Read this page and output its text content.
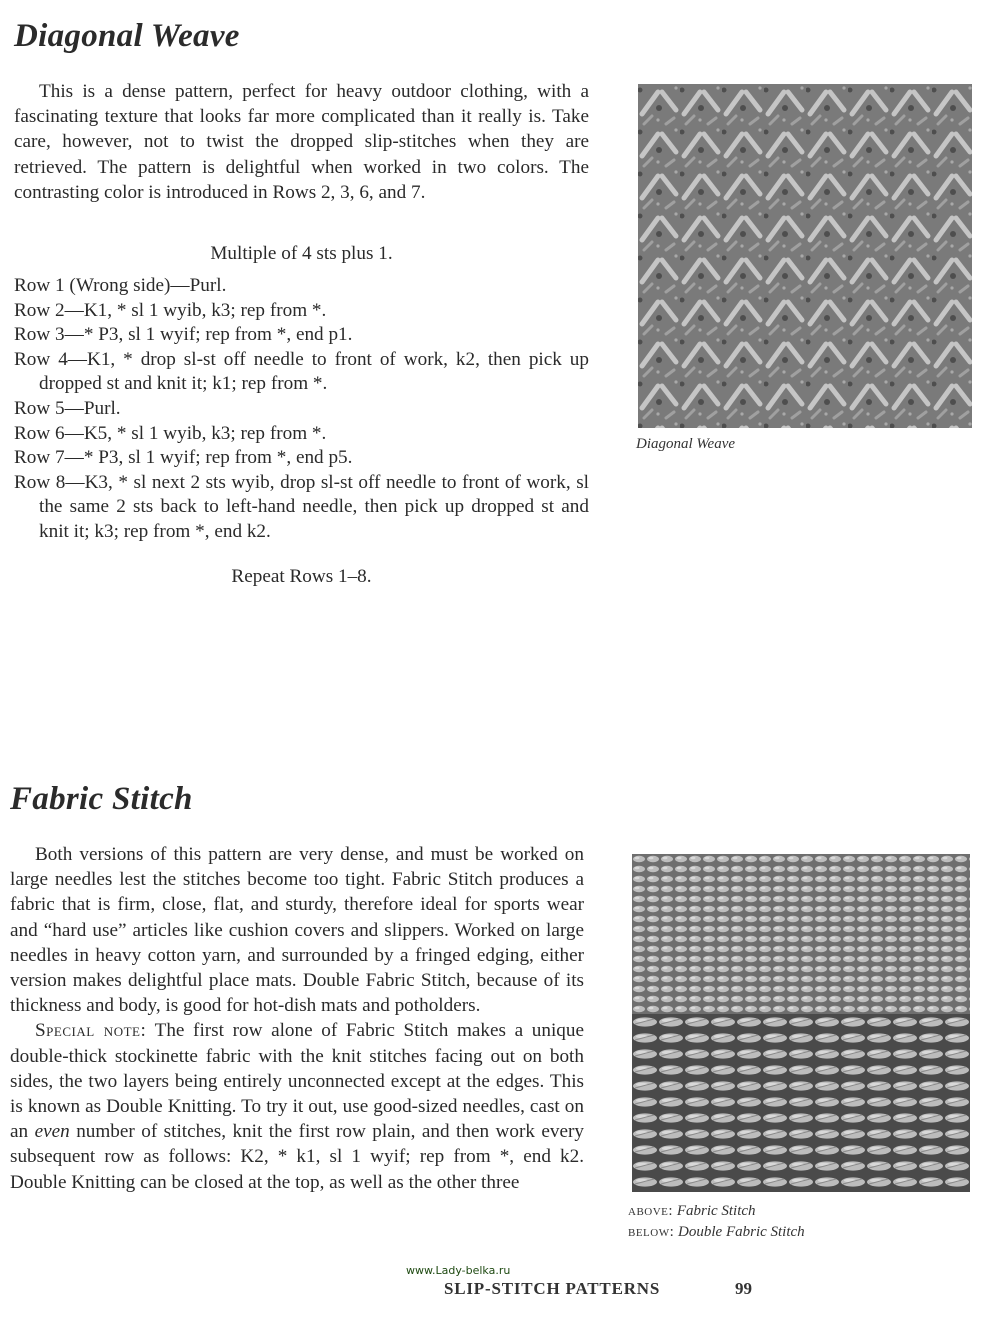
Diagonal Weave

This is a dense pattern, perfect for heavy outdoor clothing, with a fascinating texture that looks far more complicated than it really is. Take care, however, not to twist the dropped slip-stitches when they are retrieved. The pattern is delightful when worked in two colors. The contrasting color is introduced in Rows 2, 3, 6, and 7.

Multiple of 4 sts plus 1.
Row 1 (Wrong side)—Purl.
Row 2—K1, * sl 1 wyib, k3; rep from *.
Row 3—* P3, sl 1 wyif; rep from *, end p1.
Row 4—K1, * drop sl-st off needle to front of work, k2, then pick up dropped st and knit it; k1; rep from *.
Row 5—Purl.
Row 6—K5, * sl 1 wyib, k3; rep from *.
Row 7—* P3, sl 1 wyif; rep from *, end p5.
Row 8—K3, * sl next 2 sts wyib, drop sl-st off needle to front of work, sl the same 2 sts back to left-hand needle, then pick up dropped st and knit it; k3; rep from *, end k2.
Repeat Rows 1–8.
Diagonal Weave
Fabric Stitch

Both versions of this pattern are very dense, and must be worked on large needles lest the stitches become too tight. Fabric Stitch produces a fabric that is firm, close, flat, and sturdy, therefore ideal for sports wear and “hard use” articles like cushion covers and slippers. Worked on large needles in heavy cotton yarn, and surrounded by a fringed edging, either version makes delightful place mats. Double Fabric Stitch, because of its thickness and body, is good for hot-dish mats and potholders.

Special note: The first row alone of Fabric Stitch makes a unique double-thick stockinette fabric with the knit stitches facing out on both sides, the two layers being entirely unconnected except at the edges. This is known as Double Knitting. To try it out, use good-sized needles, cast on an even number of stitches, knit the first row plain, and then work every subsequent row as follows: K2, * k1, sl 1 wyif; rep from *, end k2. Double Knitting can be closed at the top, as well as the other three

above: Fabric Stitch
below: Double Fabric Stitch
www.Lady-belka.ru
SLIP-STITCH PATTERNS	99
